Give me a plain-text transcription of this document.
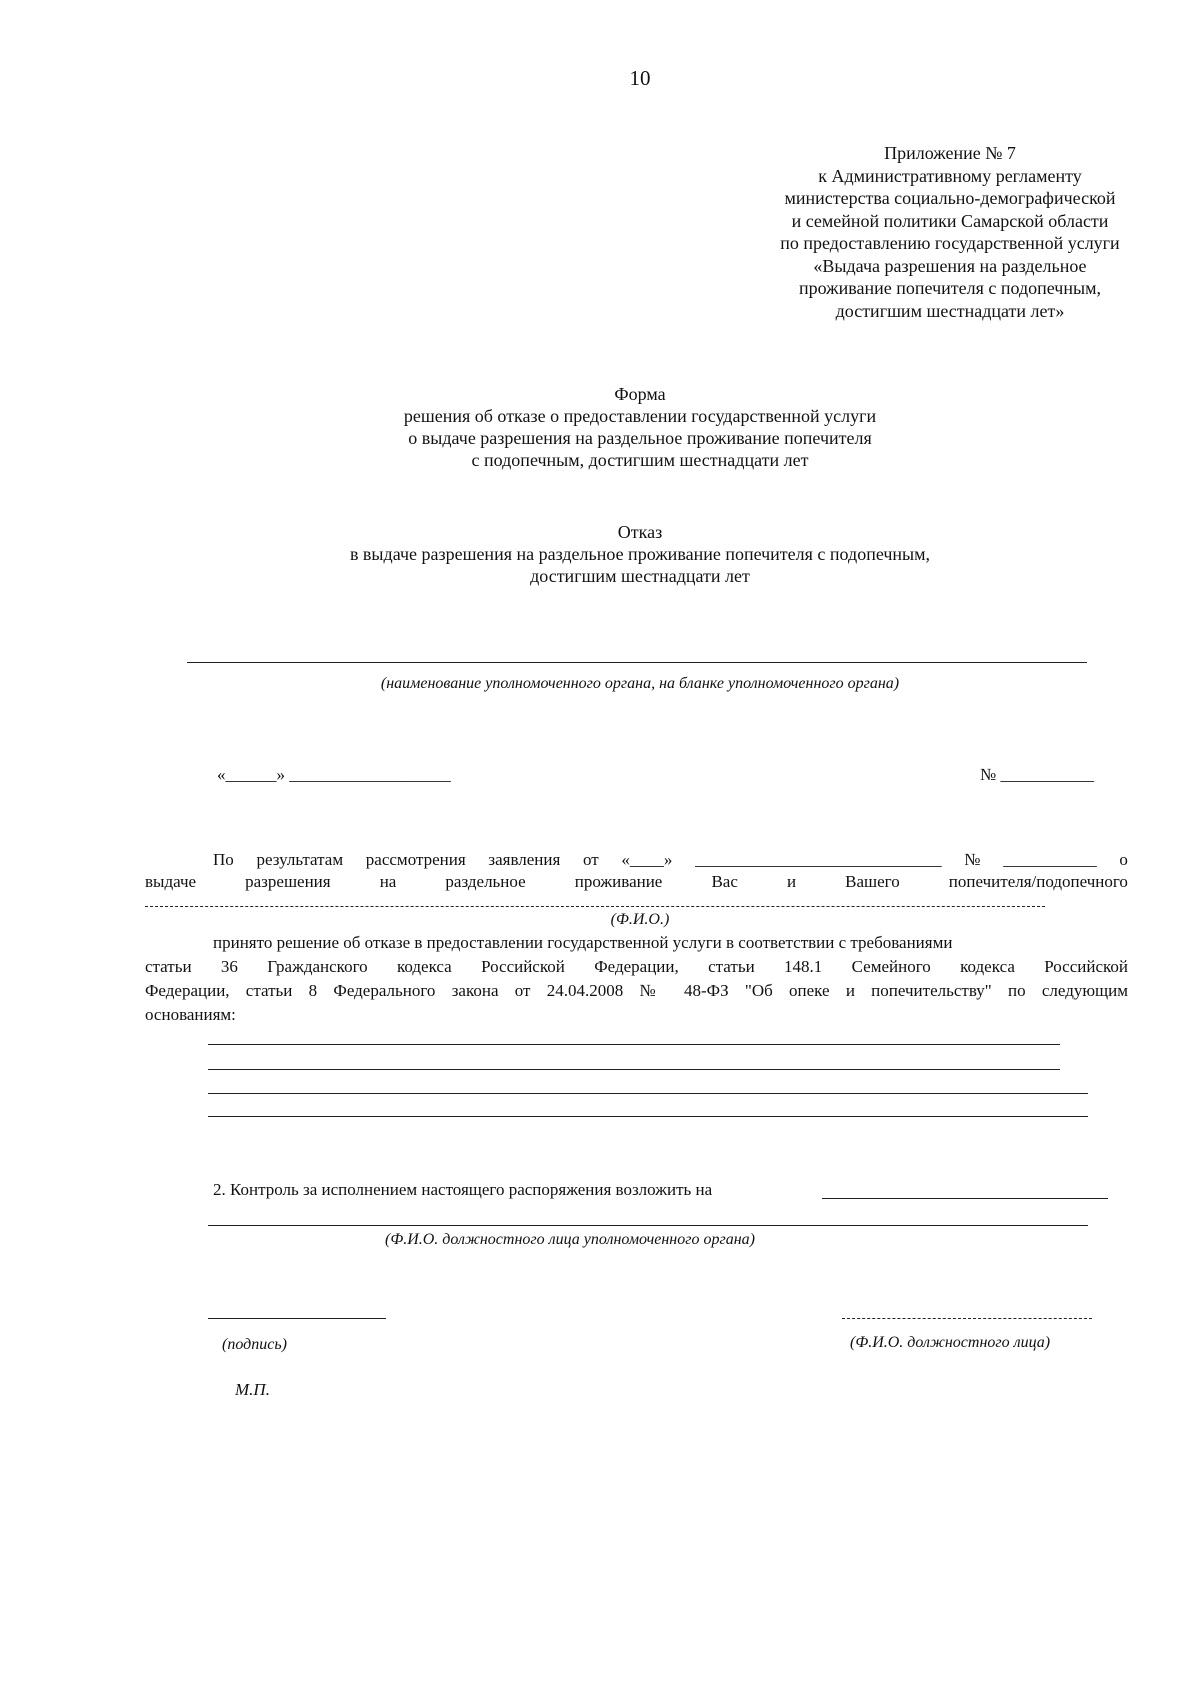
10
Приложение № 7
к Административному регламенту
министерства социально-демографической
и семейной политики Самарской области
по предоставлению государственной услуги
«Выдача разрешения на раздельное
проживание попечителя с подопечным,
достигшим шестнадцати лет»
Форма
решения об отказе о предоставлении государственной услуги
о выдаче разрешения на раздельное проживание попечителя
с подопечным, достигшим шестнадцати лет
Отказ
в выдаче разрешения на раздельное проживание попечителя с подопечным,
достигшим шестнадцати лет
(наименование уполномоченного органа, на бланке уполномоченного органа)
«______» ___________________	№ ___________
По результатам рассмотрения заявления от «____» _____________________________ № ___________ о
выдаче	разрешения	на	раздельное	проживание	Вас	и	Вашего	попечителя/подопечного
(Ф.И.О.)
принято решение об отказе в предоставлении государственной услуги в соответствии с требованиями
статьи 36 Гражданского кодекса Российской Федерации, статьи 148.1 Семейного кодекса Российской
Федерации, статьи 8 Федерального закона от 24.04.2008 № 48-ФЗ "Об опеке и попечительству" по следующим
основаниям:
2. Контроль за исполнением настоящего распоряжения возложить на
(Ф.И.О. должностного лица уполномоченного органа)
(подпись)	(Ф.И.О. должностного лица)
М.П.
